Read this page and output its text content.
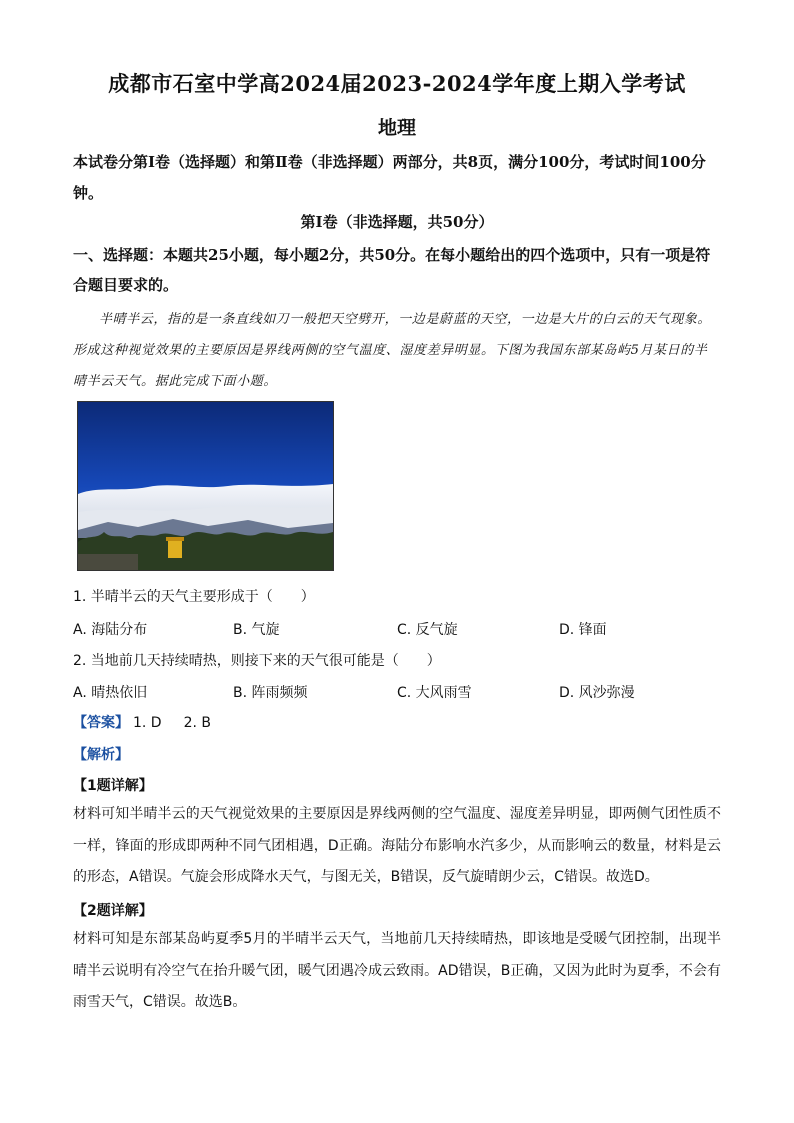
成都市石室中学高2024届2023-2024学年度上期入学考试
地理
本试卷分第Ⅰ卷（选择题）和第Ⅱ卷（非选择题）两部分，共8页，满分100分，考试时间100分钟。
第Ⅰ卷（非选择题，共50分）
一、选择题：本题共25小题，每小题2分，共50分。在每小题给出的四个选项中，只有一项是符合题目要求的。
半晴半云，指的是一条直线如刀一般把天空劈开，一边是蔚蓝的天空，一边是大片的白云的天气现象。形成这种视觉效果的主要原因是界线两侧的空气温度、湿度差异明显。下图为我国东部某岛屿5月某日的半晴半云天气。据此完成下面小题。
1. 半晴半云的天气主要形成于（　　）
A. 海陆分布	B. 气旋	C. 反气旋	D. 锋面
2. 当地前几天持续晴热，则接下来的天气很可能是（　　）
A. 晴热依旧	B. 阵雨频频	C. 大风雨雪	D. 风沙弥漫
【答案】 1. D 2. B
【解析】
【1题详解】
材料可知半晴半云的天气视觉效果的主要原因是界线两侧的空气温度、湿度差异明显，即两侧气团性质不一样，锋面的形成即两种不同气团相遇，D正确。海陆分布影响水汽多少，从而影响云的数量，材料是云的形态，A错误。气旋会形成降水天气，与图无关，B错误，反气旋晴朗少云，C错误。故选D。
【2题详解】
材料可知是东部某岛屿夏季5月的半晴半云天气，当地前几天持续晴热，即该地是受暖气团控制，出现半晴半云说明有冷空气在抬升暖气团，暖气团遇冷成云致雨。AD错误，B正确，又因为此时为夏季，不会有雨雪天气，C错误。故选B。
